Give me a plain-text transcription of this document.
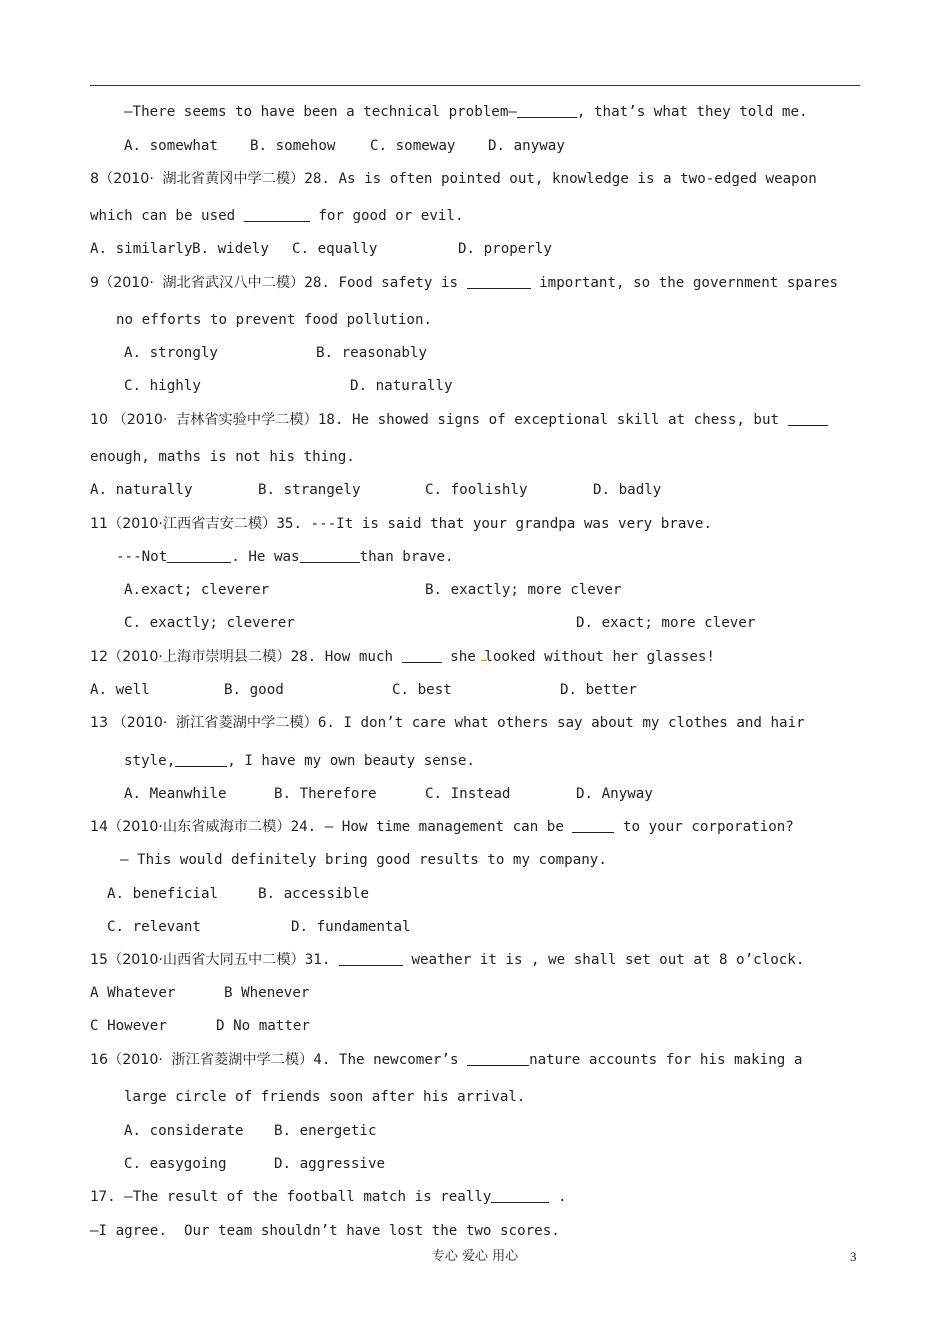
—There seems to have been a technical problem—	, that’s what they told me.
A. somewhat B. somehow C. someway D. anyway
8（2010· 湖北省黄冈中学二模）28. As is often pointed out, knowledge is a two-edged weapon
which can be used	for good or evil.
A. similarly B. widely C. equally	D. properly
9（2010· 湖北省武汉八中二模）28. Food safety is	important, so the government spares
no efforts to prevent food pollution.
A. strongly	B. reasonably
C. highly	D. naturally
10 （2010· 吉林省实验中学二模）18. He showed signs of exceptional skill at chess, but
enough, maths is not his thing.
A. naturally	B. strangely	C. foolishly	D. badly
11（2010·江西省吉安二模）35. ---It is said that your grandpa was very brave.
---Not	. He was	than brave.
A.exact; cleverer	B. exactly; more clever
C. exactly; cleverer	D. exact; more clever
12（2010·上海市崇明县二模）28. How much	she looked without her glasses!
A. well	B. good	C. best	D. better
13 （2010· 浙江省菱湖中学二模）6. I don’t care what others say about my clothes and hair
style,	, I have my own beauty sense.
A. Meanwhile	B. Therefore	C. Instead	D. Anyway
14（2010·山东省威海市二模）24. – How time management can be	to your corporation?
– This would definitely bring good results to my company.
A. beneficial	B. accessible
C. relevant	D. fundamental
15（2010·山西省大同五中二模）31.	weather it is , we shall set out at 8 o’clock.
A Whatever	B Whenever
C However	D No matter
16（2010· 浙江省菱湖中学二模）4. The newcomer’s	nature accounts for his making a
large circle of friends soon after his arrival.
A. considerate B. energetic
C. easygoing	D. aggressive
17. —The result of the football match is really	.
—I agree.  Our team shouldn’t have lost the two scores.
专心 爱心 用心	3
